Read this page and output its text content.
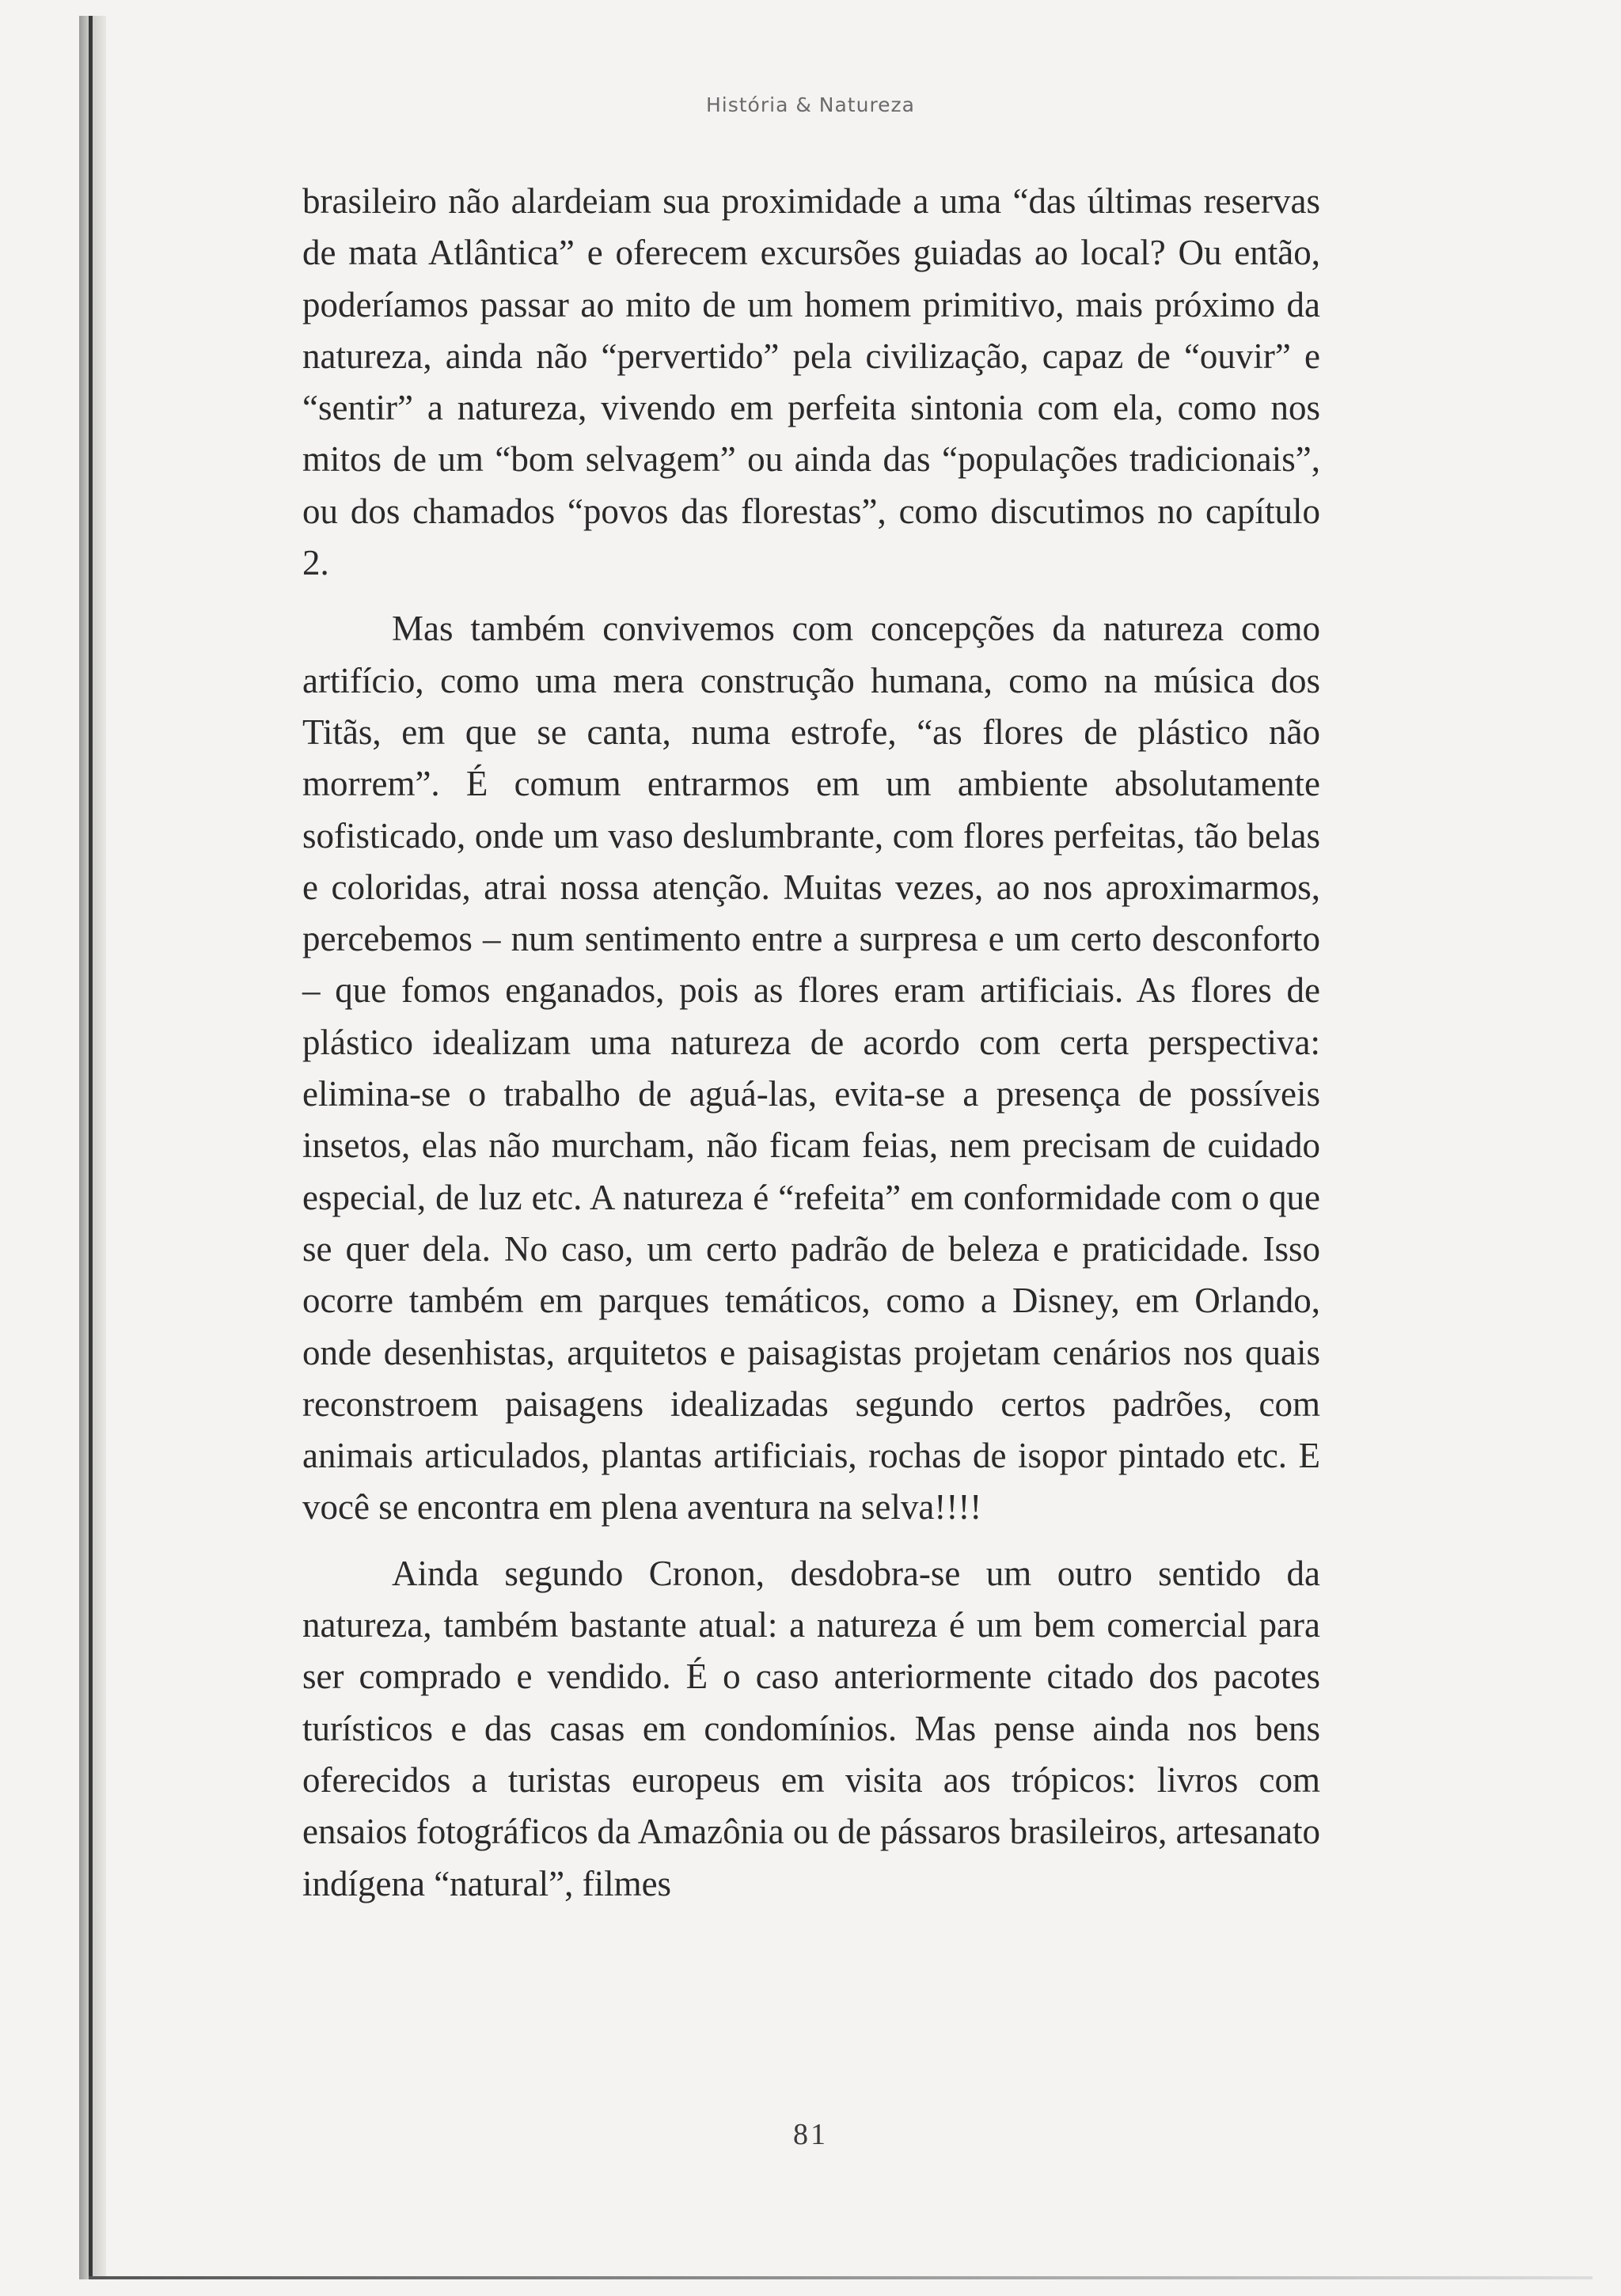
História & Natureza

brasileiro não alardeiam sua proximidade a uma “das últimas reservas de mata Atlântica” e oferecem excursões guiadas ao local? Ou então, poderíamos passar ao mito de um homem primitivo, mais próximo da natureza, ainda não “pervertido” pela civilização, capaz de “ouvir” e “sentir” a natureza, vivendo em perfeita sintonia com ela, como nos mitos de um “bom selvagem” ou ainda das “populações tradicionais”, ou dos chamados “povos das florestas”, como discutimos no capítulo 2.

Mas também convivemos com concepções da natureza como artifício, como uma mera construção humana, como na música dos Titãs, em que se canta, numa estrofe, “as flores de plástico não morrem”. É comum entrarmos em um ambiente absolutamente sofisticado, onde um vaso deslumbrante, com flores perfeitas, tão belas e coloridas, atrai nossa atenção. Muitas vezes, ao nos aproximarmos, percebemos – num sentimento entre a surpresa e um certo desconforto – que fomos enganados, pois as flores eram artificiais. As flores de plástico idealizam uma natureza de acordo com certa perspectiva: elimina-se o trabalho de aguá-las, evita-se a presença de possíveis insetos, elas não murcham, não ficam feias, nem precisam de cuidado especial, de luz etc. A natureza é “refeita” em conformidade com o que se quer dela. No caso, um certo padrão de beleza e praticidade. Isso ocorre também em parques temáticos, como a Disney, em Orlando, onde desenhistas, arquitetos e paisagistas projetam cenários nos quais reconstroem paisagens idealizadas segundo certos padrões, com animais articulados, plantas artificiais, rochas de isopor pintado etc. E você se encontra em plena aventura na selva!!!!

Ainda segundo Cronon, desdobra-se um outro sentido da natureza, também bastante atual: a natureza é um bem comercial para ser comprado e vendido. É o caso anteriormente citado dos pacotes turísticos e das casas em condomínios. Mas pense ainda nos bens oferecidos a turistas europeus em visita aos trópicos: livros com ensaios fotográficos da Amazônia ou de pássaros brasileiros, artesanato indígena “natural”, filmes

81
